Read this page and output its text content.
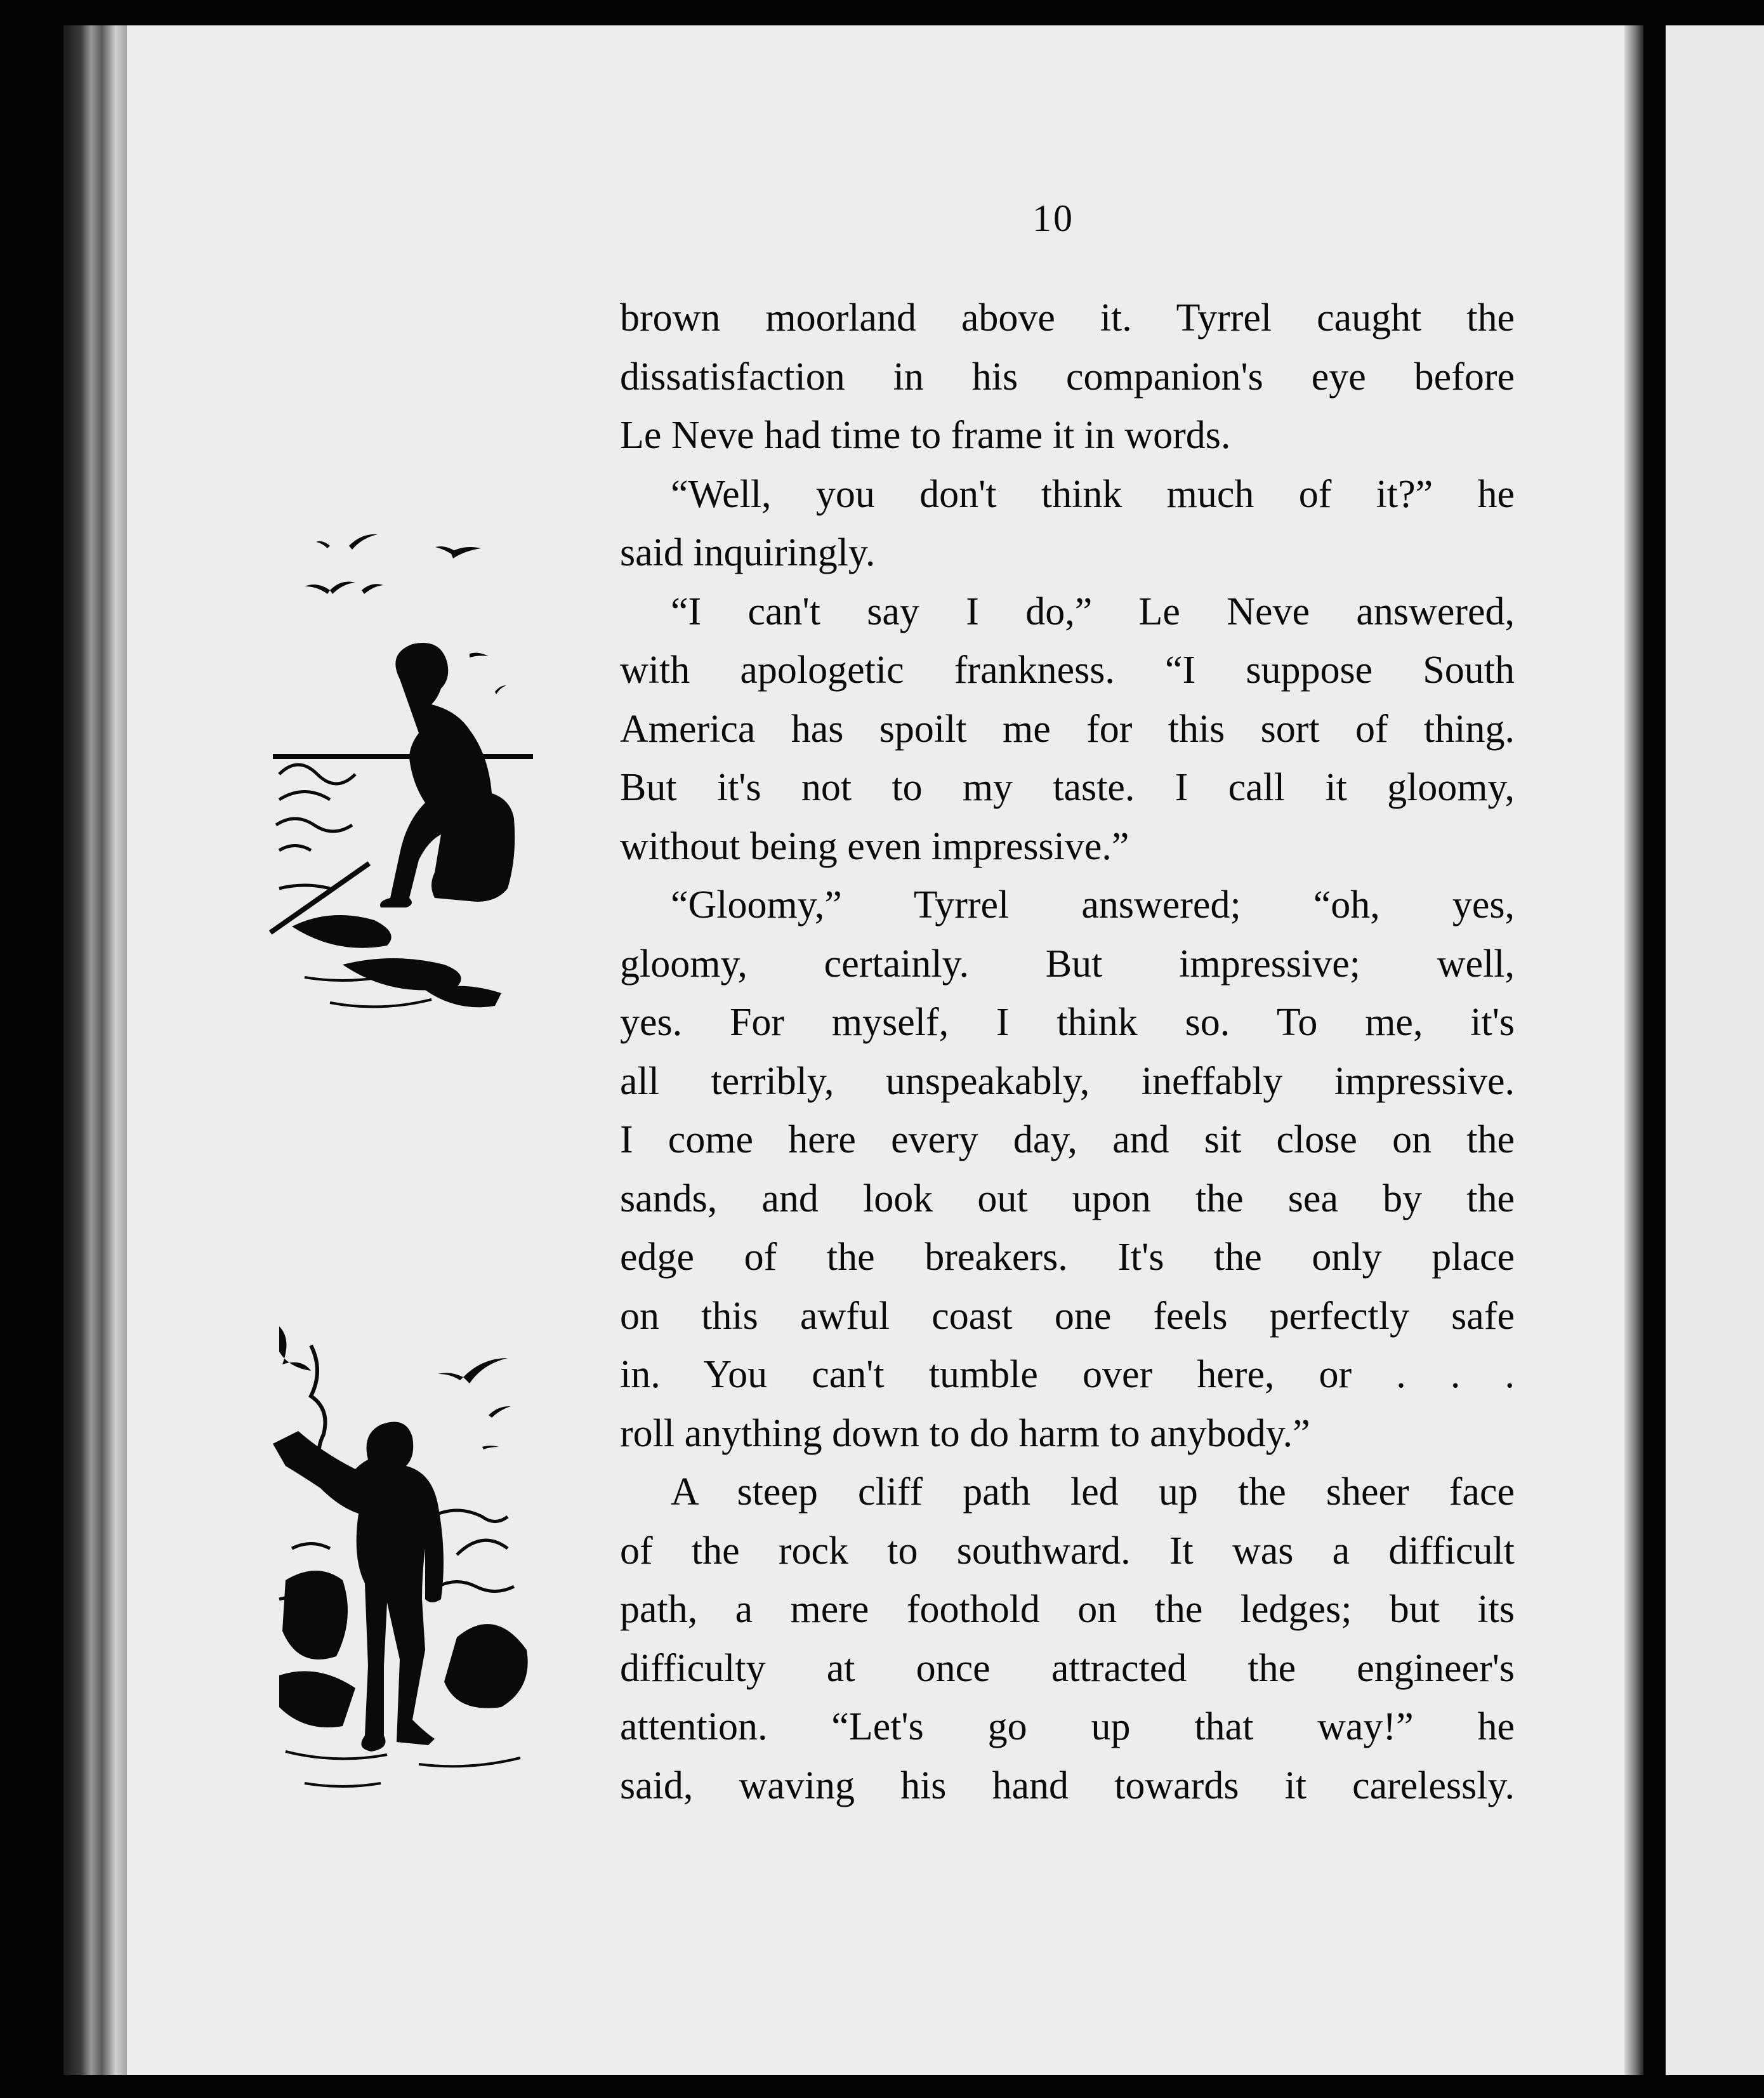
10
brown moorland above it. Tyrrel caught the
dissatisfaction in his companion's eye before
Le Neve had time to frame it in words.
“Well, you don't think much of it?” he
said inquiringly.
“I can't say I do,” Le Neve answered,
with apologetic frankness. “I suppose South
America has spoilt me for this sort of thing.
But it's not to my taste. I call it gloomy,
without being even impressive.”
“Gloomy,” Tyrrel answered; “oh, yes,
gloomy, certainly. But impressive; well,
yes. For myself, I think so. To me, it's
all terribly, unspeakably, ineffably impressive.
I come here every day, and sit close on the
sands, and look out upon the sea by the
edge of the breakers. It's the only place
on this awful coast one feels perfectly safe
in. You can't tumble over here, or . . .
roll anything down to do harm to anybody.”
A steep cliff path led up the sheer face
of the rock to southward. It was a difficult
path, a mere foothold on the ledges; but its
difficulty at once attracted the engineer's
attention. “Let's go up that way!” he
said, waving his hand towards it carelessly.
